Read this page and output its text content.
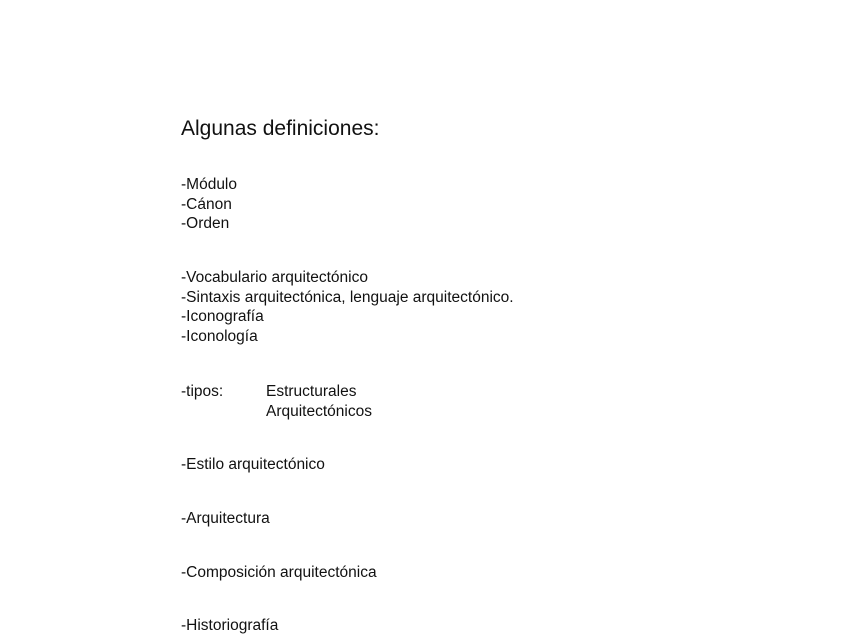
Algunas definiciones:
-Módulo
-Cánon
-Orden
-Vocabulario arquitectónico
-Sintaxis arquitectónica, lenguaje arquitectónico.
-Iconografía
-Iconología
-tipos:	Estructurales
Arquitectónicos
-Estilo arquitectónico
-Arquitectura
-Composición arquitectónica
-Historiografía
